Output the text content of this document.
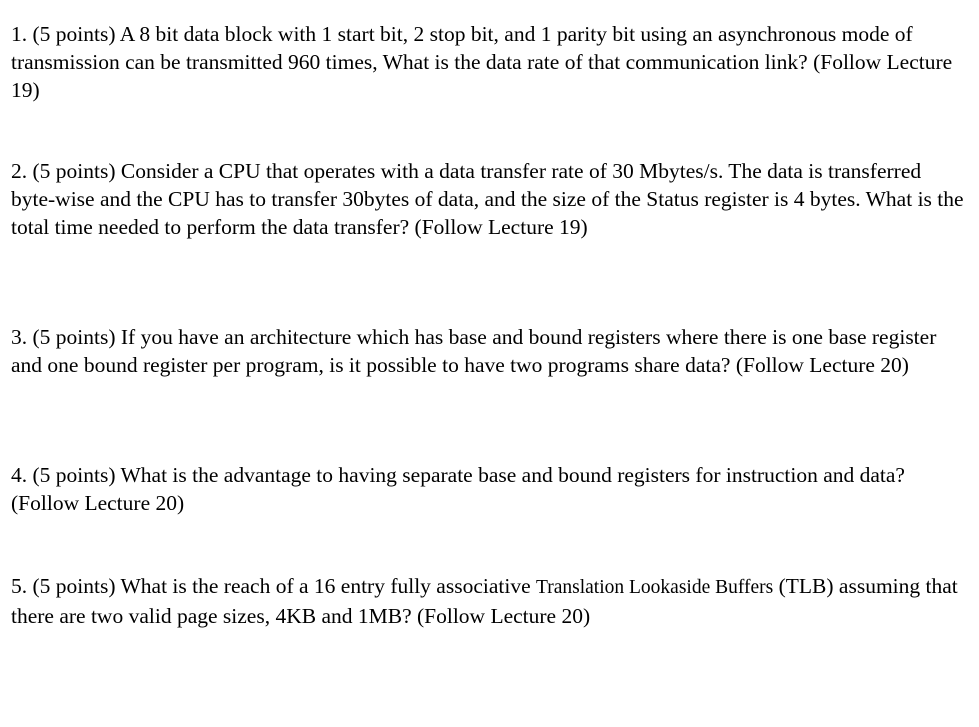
1. (5 points) A 8 bit data block with 1 start bit, 2 stop bit, and 1 parity bit using an asynchronous mode of transmission can be transmitted 960 times, What is the data rate of that communication link? (Follow Lecture 19)

2. (5 points) Consider a CPU that operates with a data transfer rate of 30 Mbytes/s. The data is transferred byte-wise and the CPU has to transfer 30bytes of data, and the size of the Status register is 4 bytes. What is the total time needed to perform the data transfer? (Follow Lecture 19)

3. (5 points) If you have an architecture which has base and bound registers where there is one base register and one bound register per program, is it possible to have two programs share data? (Follow Lecture 20)

4. (5 points) What is the advantage to having separate base and bound registers for instruction and data? (Follow Lecture 20)

5. (5 points) What is the reach of a 16 entry fully associative Translation Lookaside Buffers (TLB) assuming that there are two valid page sizes, 4KB and 1MB? (Follow Lecture 20)
